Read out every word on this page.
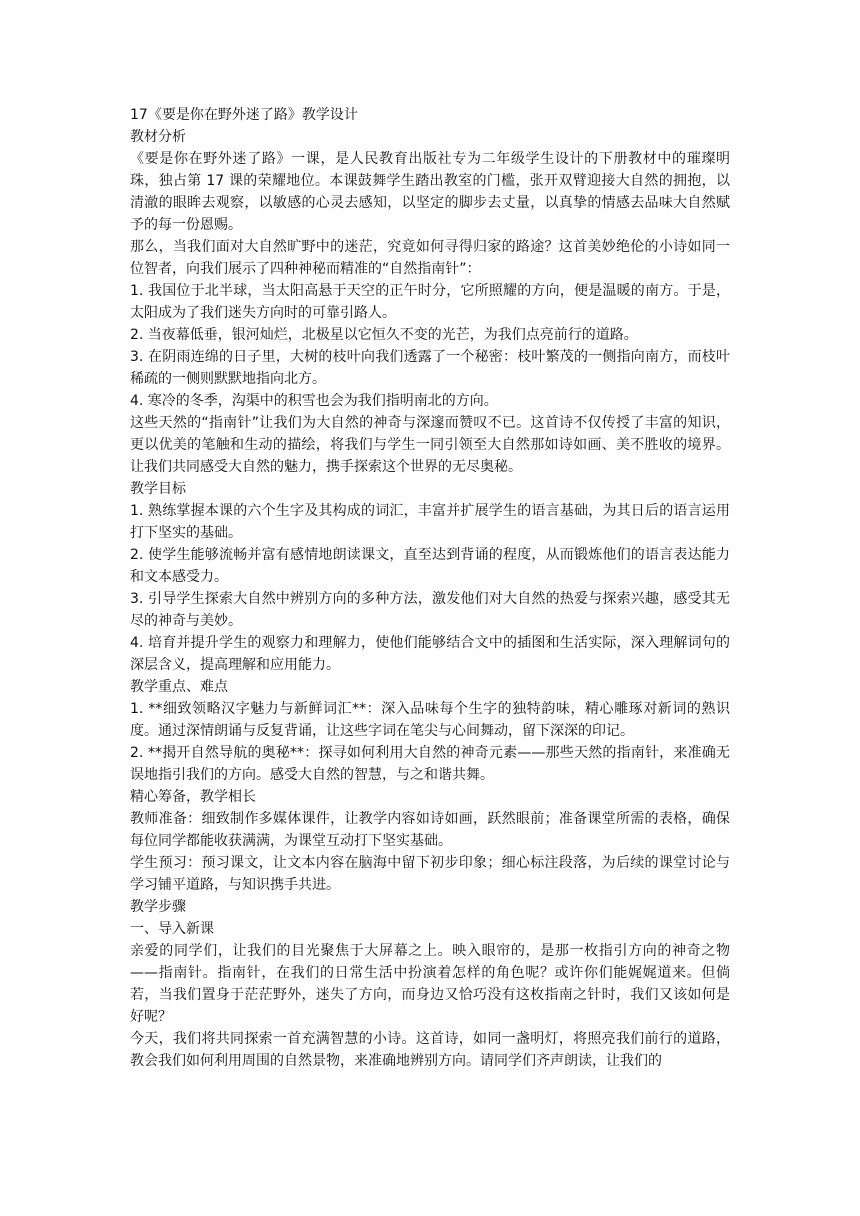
17《要是你在野外迷了路》教学设计

教材分析

《要是你在野外迷了路》一课，是人民教育出版社专为二年级学生设计的下册教材中的璀璨明珠，独占第 17 课的荣耀地位。本课鼓舞学生踏出教室的门槛，张开双臂迎接大自然的拥抱，以清澈的眼眸去观察，以敏感的心灵去感知，以坚定的脚步去丈量，以真挚的情感去品味大自然赋予的每一份恩赐。

那么，当我们面对大自然旷野中的迷茫，究竟如何寻得归家的路途？这首美妙绝伦的小诗如同一位智者，向我们展示了四种神秘而精准的“自然指南针”：

1. 我国位于北半球，当太阳高悬于天空的正午时分，它所照耀的方向，便是温暖的南方。于是，太阳成为了我们迷失方向时的可靠引路人。

2. 当夜幕低垂，银河灿烂，北极星以它恒久不变的光芒，为我们点亮前行的道路。

3. 在阴雨连绵的日子里，大树的枝叶向我们透露了一个秘密：枝叶繁茂的一侧指向南方，而枝叶稀疏的一侧则默默地指向北方。

4. 寒冷的冬季，沟渠中的积雪也会为我们指明南北的方向。

这些天然的“指南针”让我们为大自然的神奇与深邃而赞叹不已。这首诗不仅传授了丰富的知识，更以优美的笔触和生动的描绘，将我们与学生一同引领至大自然那如诗如画、美不胜收的境界。让我们共同感受大自然的魅力，携手探索这个世界的无尽奥秘。

教学目标

1. 熟练掌握本课的六个生字及其构成的词汇，丰富并扩展学生的语言基础，为其日后的语言运用打下坚实的基础。

2. 使学生能够流畅并富有感情地朗读课文，直至达到背诵的程度，从而锻炼他们的语言表达能力和文本感受力。

3. 引导学生探索大自然中辨别方向的多种方法，激发他们对大自然的热爱与探索兴趣，感受其无尽的神奇与美妙。

4. 培育并提升学生的观察力和理解力，使他们能够结合文中的插图和生活实际，深入理解词句的深层含义，提高理解和应用能力。

教学重点、难点

1. **细致领略汉字魅力与新鲜词汇**：深入品味每个生字的独特韵味，精心雕琢对新词的熟识度。通过深情朗诵与反复背诵，让这些字词在笔尖与心间舞动，留下深深的印记。

2. **揭开自然导航的奥秘**：探寻如何利用大自然的神奇元素——那些天然的指南针，来准确无误地指引我们的方向。感受大自然的智慧，与之和谐共舞。

精心筹备，教学相长

教师准备：细致制作多媒体课件，让教学内容如诗如画，跃然眼前；准备课堂所需的表格，确保每位同学都能收获满满，为课堂互动打下坚实基础。

学生预习：预习课文，让文本内容在脑海中留下初步印象；细心标注段落，为后续的课堂讨论与学习铺平道路，与知识携手共进。

教学步骤

一、导入新课

亲爱的同学们，让我们的目光聚焦于大屏幕之上。映入眼帘的，是那一枚指引方向的神奇之物——指南针。指南针，在我们的日常生活中扮演着怎样的角色呢？或许你们能娓娓道来。但倘若，当我们置身于茫茫野外，迷失了方向，而身边又恰巧没有这枚指南之针时，我们又该如何是好呢？

今天，我们将共同探索一首充满智慧的小诗。这首诗，如同一盏明灯，将照亮我们前行的道路，教会我们如何利用周围的自然景物，来准确地辨别方向。请同学们齐声朗读，让我们的
